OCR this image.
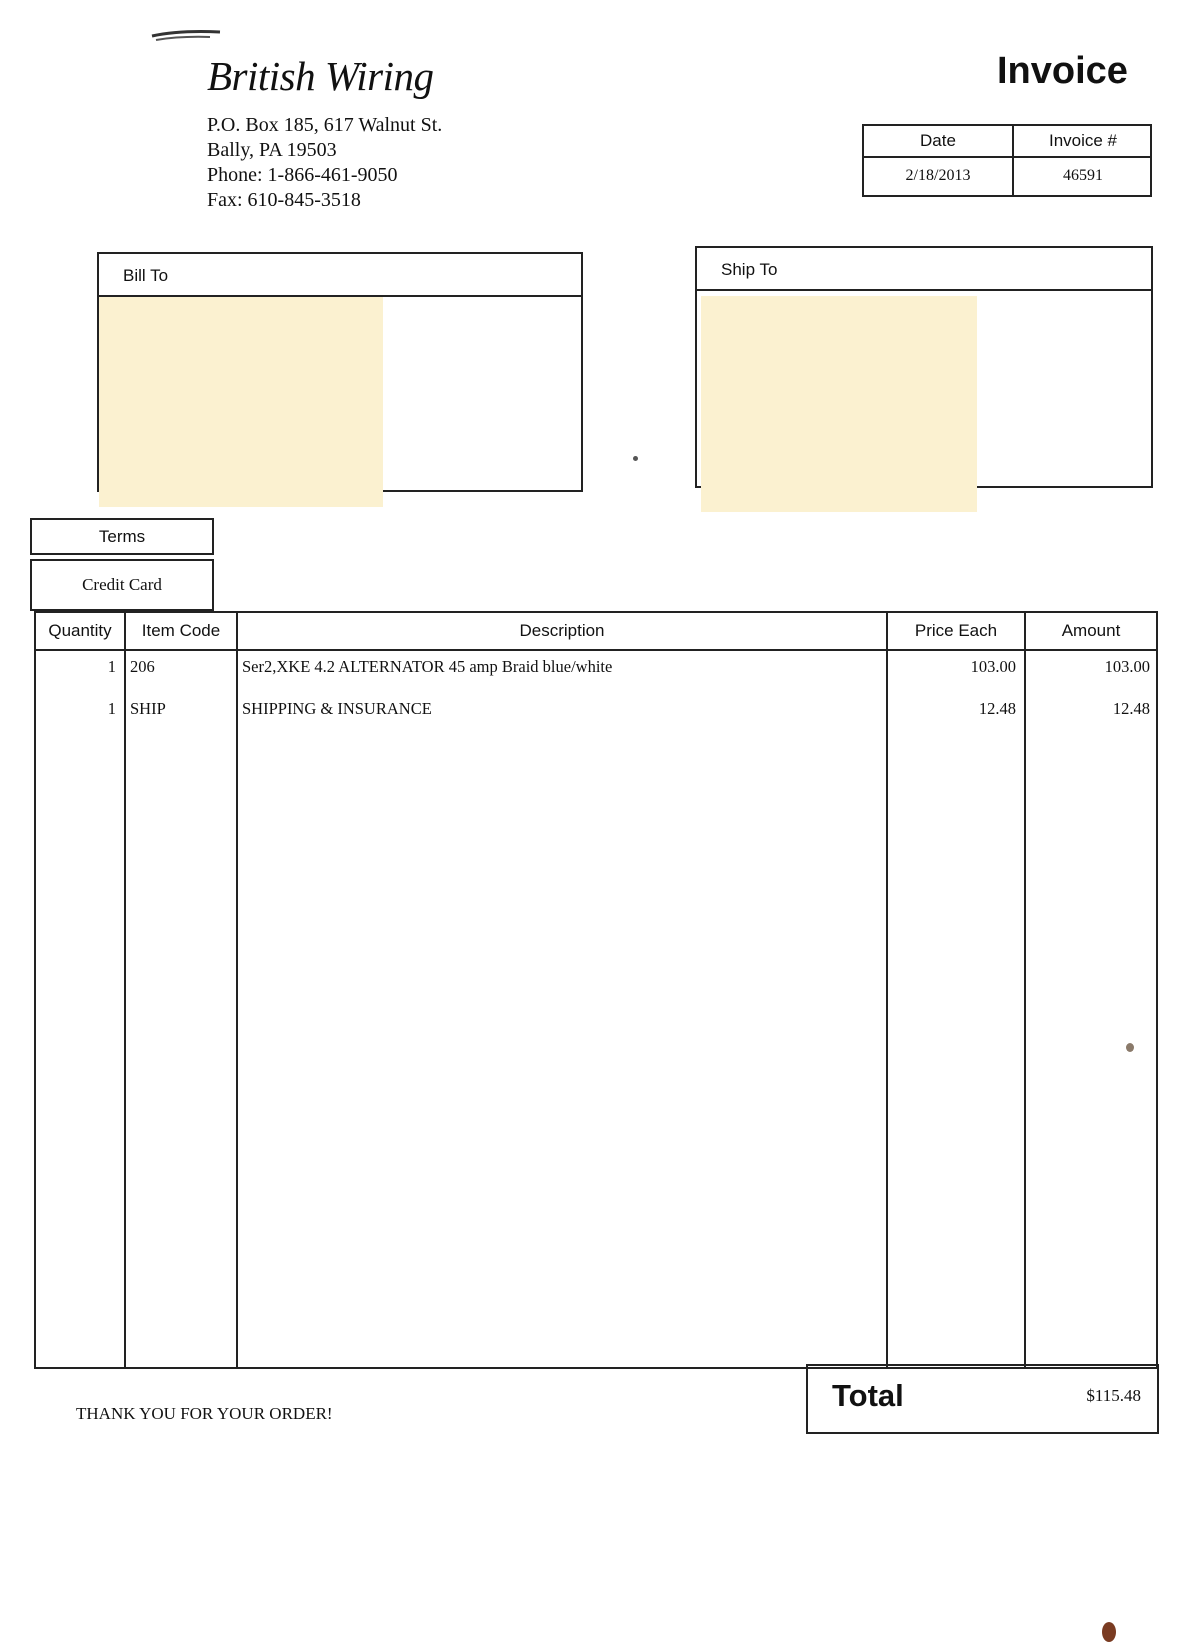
British Wiring
P.O. Box 185, 617 Walnut St.
Bally, PA 19503
Phone: 1-866-461-9050
Fax: 610-845-3518
Invoice
Date	Invoice #
2/18/2013	46591
Bill To	Ship To
Terms
Credit Card
Quantity	Item Code	Description	Price Each	Amount
1 206	Ser2,XKE 4.2 ALTERNATOR 45 amp Braid blue/white	103.00	103.00
1 SHIP	SHIPPING & INSURANCE	12.48	12.48
Total	$115.48
THANK YOU FOR YOUR ORDER!
